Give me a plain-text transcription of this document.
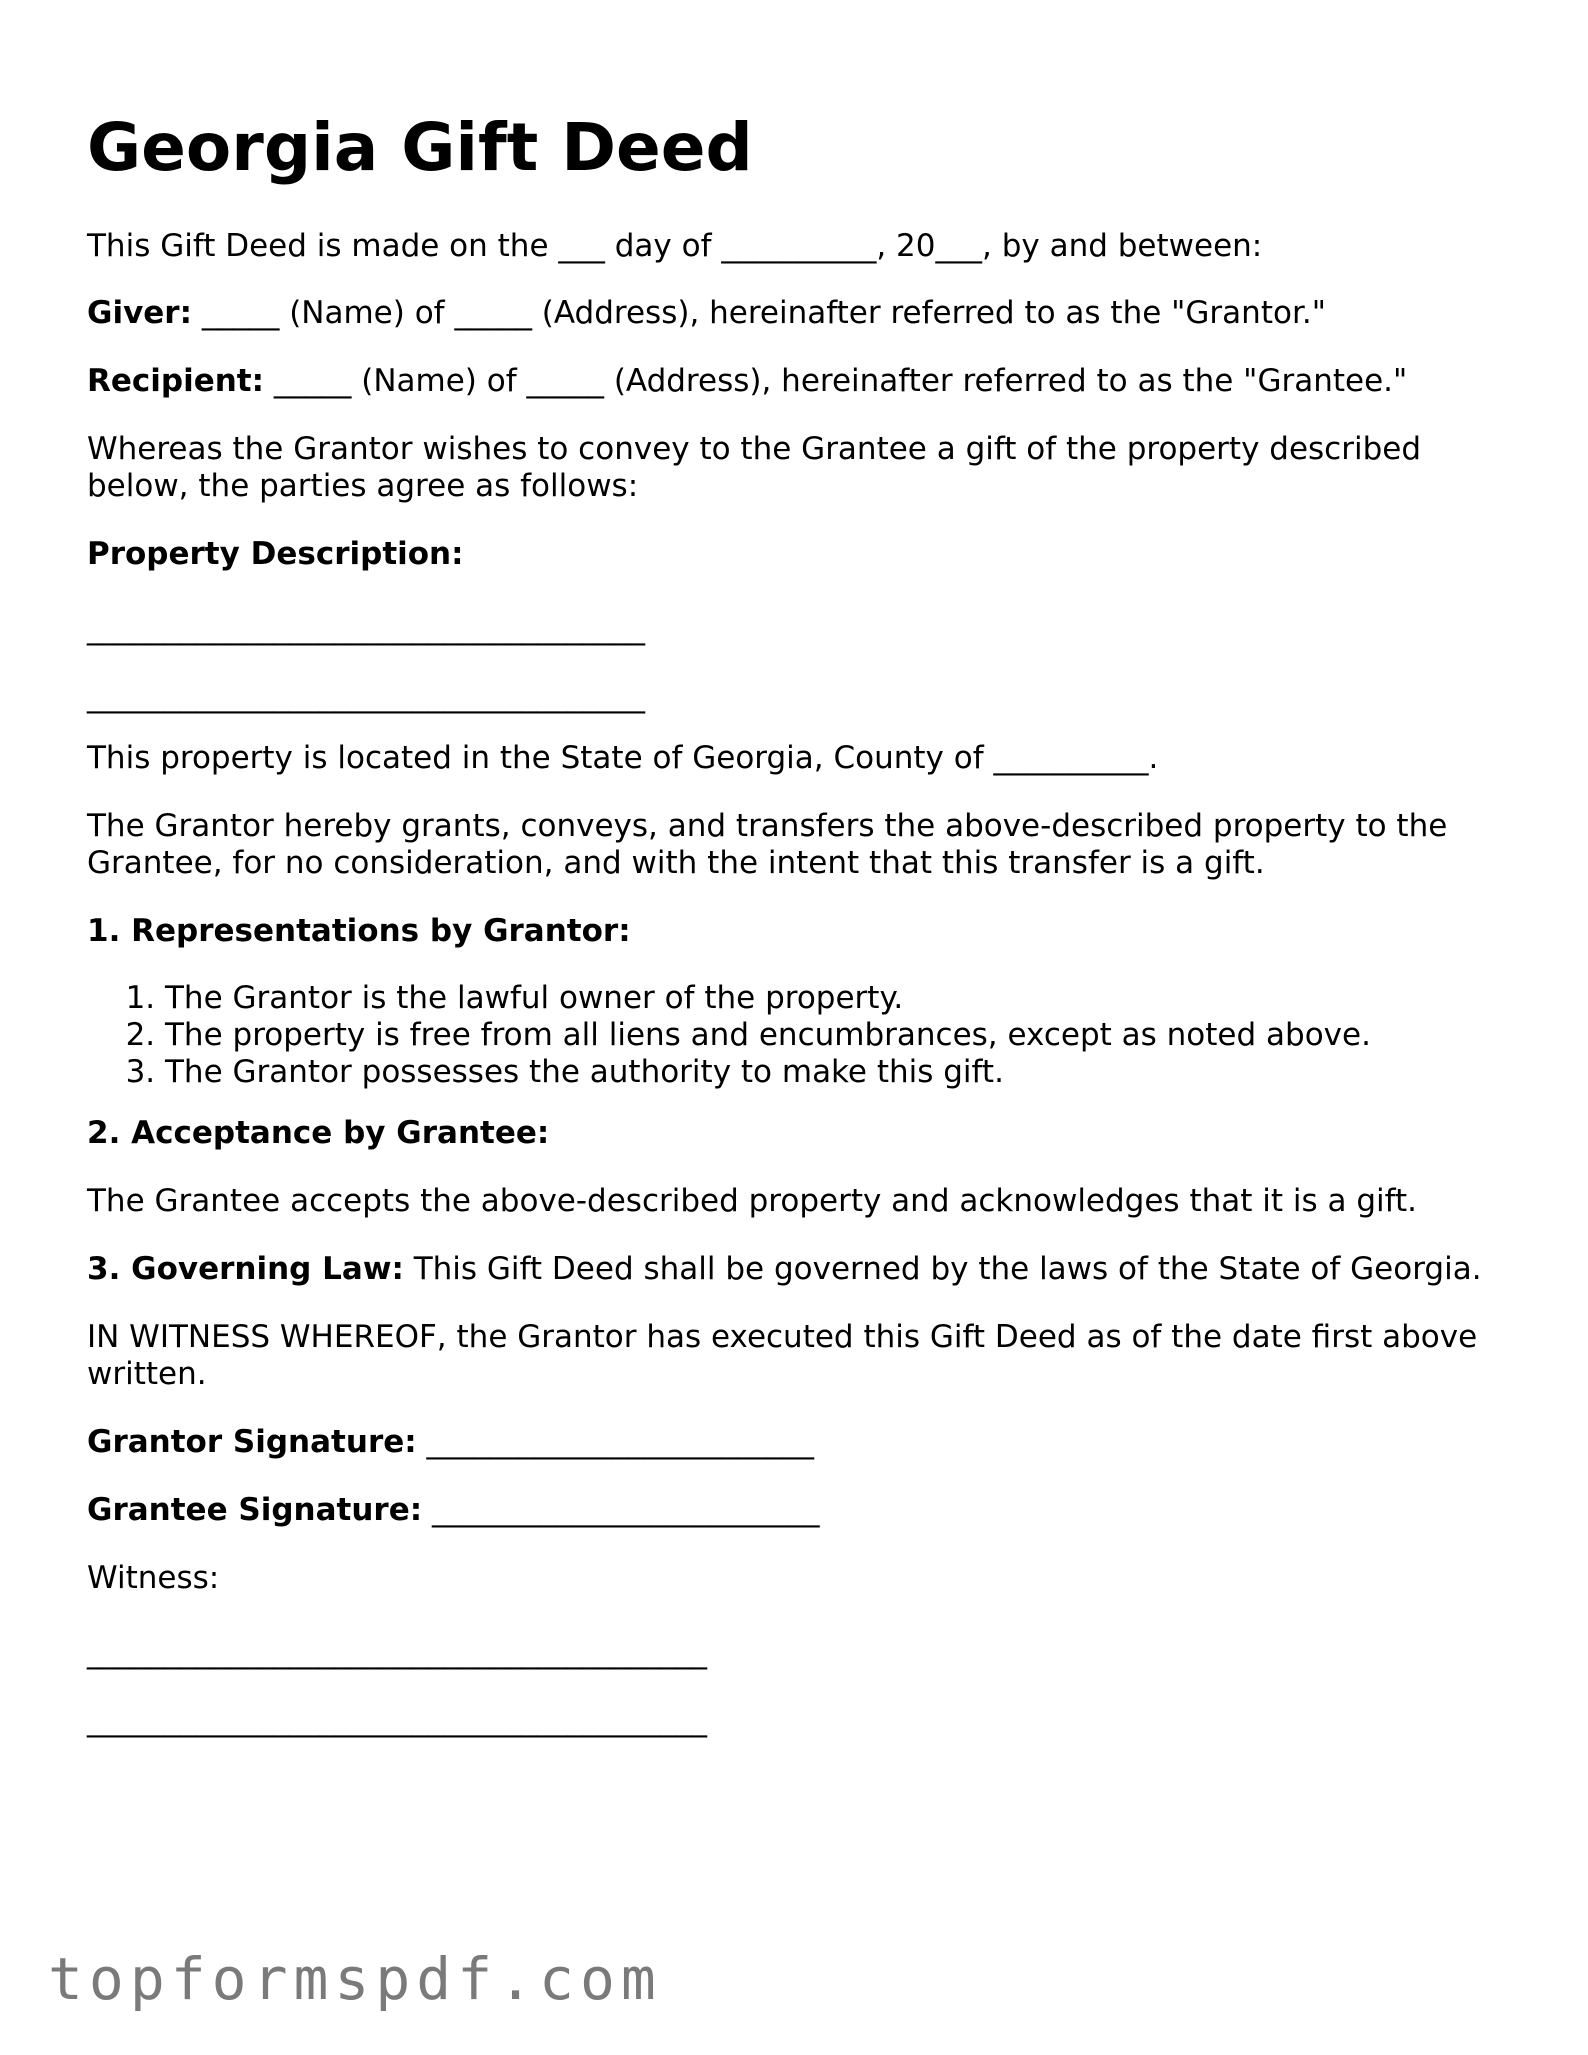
Georgia Gift Deed

This Gift Deed is made on the ___ day of __________, 20___, by and between:

Giver: _____ (Name) of _____ (Address), hereinafter referred to as the "Grantor."

Recipient: _____ (Name) of _____ (Address), hereinafter referred to as the "Grantee."

Whereas the Grantor wishes to convey to the Grantee a gift of the property described

below, the parties agree as follows:

Property Description:

____________________________________

____________________________________

This property is located in the State of Georgia, County of __________.

The Grantor hereby grants, conveys, and transfers the above-described property to the

Grantee, for no consideration, and with the intent that this transfer is a gift.

1. Representations by Grantor:

1. The Grantor is the lawful owner of the property.
2. The property is free from all liens and encumbrances, except as noted above.
3. The Grantor possesses the authority to make this gift.

2. Acceptance by Grantee:

The Grantee accepts the above-described property and acknowledges that it is a gift.

3. Governing Law: This Gift Deed shall be governed by the laws of the State of Georgia.

IN WITNESS WHEREOF, the Grantor has executed this Gift Deed as of the date first above

written.

Grantor Signature: _________________________

Grantee Signature: _________________________

Witness:

________________________________________

________________________________________

topformspdf.com
